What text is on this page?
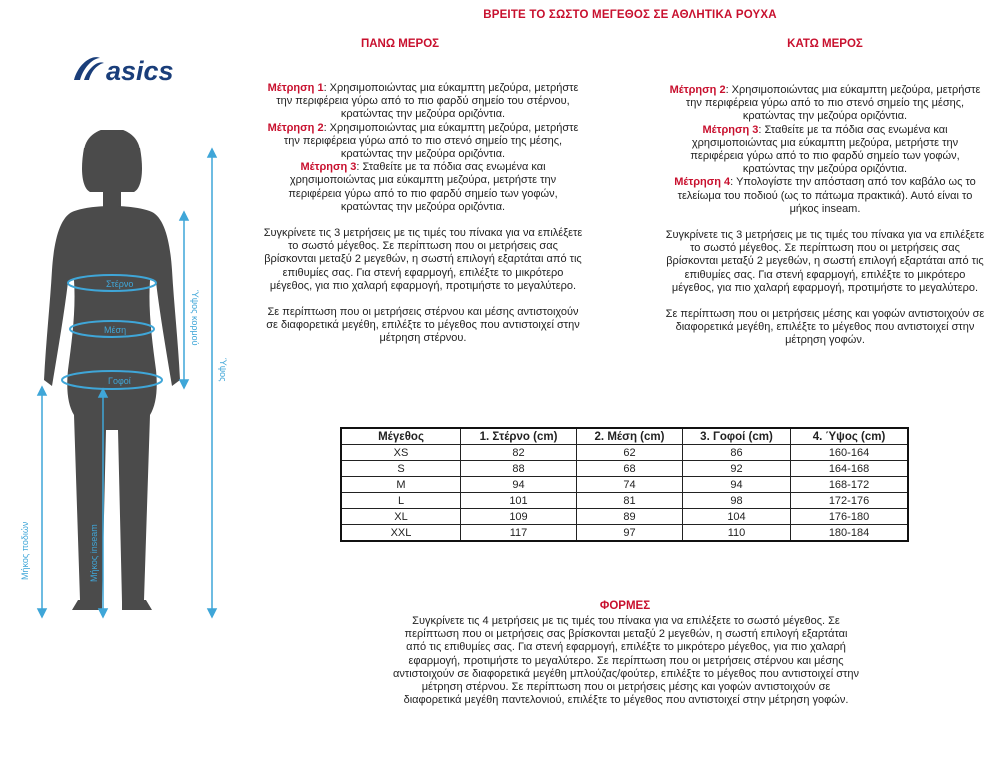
ΒΡΕΙΤΕ ΤΟ ΣΩΣΤΟ ΜΕΓΕΘΟΣ ΣΕ ΑΘΛΗΤΙΚΑ ΡΟΥΧΑ
asics
Στέρνο
Μέση
Γοφοί
Ύψος κορμού
Ύψος
Μήκος ποδιών	Μήκος inseam
ΠΑΝΩ ΜΕΡΟΣ

Μέτρηση 1: Χρησιμοποιώντας μια εύκαμπτη μεζούρα, μετρήστε την περιφέρεια γύρω από το πιο φαρδύ σημείο του στέρνου, κρατώντας την μεζούρα οριζόντια.

Μέτρηση 2: Χρησιμοποιώντας μια εύκαμπτη μεζούρα, μετρήστε την περιφέρεια γύρω από το πιο στενό σημείο της μέσης, κρατώντας την μεζούρα οριζόντια.

Μέτρηση 3: Σταθείτε με τα πόδια σας ενωμένα και χρησιμοποιώντας μια εύκαμπτη μεζούρα, μετρήστε την περιφέρεια γύρω από το πιο φαρδύ σημείο των γοφών, κρατώντας την μεζούρα οριζόντια.

Συγκρίνετε τις 3 μετρήσεις με τις τιμές του πίνακα για να επιλέξετε το σωστό μέγεθος. Σε περίπτωση που οι μετρήσεις σας βρίσκονται μεταξύ 2 μεγεθών, η σωστή επιλογή εξαρτάται από τις επιθυμίες σας. Για στενή εφαρμογή, επιλέξτε το μικρότερο μέγεθος, για πιο χαλαρή εφαρμογή, προτιμήστε το μεγαλύτερο.

Σε περίπτωση που οι μετρήσεις στέρνου και μέσης αντιστοιχούν σε διαφορετικά μεγέθη, επιλέξτε το μέγεθος που αντιστοιχεί στην μέτρηση στέρνου.

ΚΑΤΩ ΜΕΡΟΣ

Μέτρηση 2: Χρησιμοποιώντας μια εύκαμπτη μεζούρα, μετρήστε την περιφέρεια γύρω από το πιο στενό σημείο της μέσης, κρατώντας την μεζούρα οριζόντια.

Μέτρηση 3: Σταθείτε με τα πόδια σας ενωμένα και χρησιμοποιώντας μια εύκαμπτη μεζούρα, μετρήστε την περιφέρεια γύρω από το πιο φαρδύ σημείο των γοφών, κρατώντας την μεζούρα οριζόντια.

Μέτρηση 4: Υπολογίστε την απόσταση από τον καβάλο ως το τελείωμα του ποδιού (ως το πάτωμα πρακτικά). Αυτό είναι το μήκος inseam.

Συγκρίνετε τις 3 μετρήσεις με τις τιμές του πίνακα για να επιλέξετε το σωστό μέγεθος. Σε περίπτωση που οι μετρήσεις σας βρίσκονται μεταξύ 2 μεγεθών, η σωστή επιλογή εξαρτάται από τις επιθυμίες σας. Για στενή εφαρμογή, επιλέξτε το μικρότερο μέγεθος, για πιο χαλαρή εφαρμογή, προτιμήστε το μεγαλύτερο.

Σε περίπτωση που οι μετρήσεις μέσης και γοφών αντιστοιχούν σε διαφορετικά μεγέθη, επιλέξτε το μέγεθος που αντιστοιχεί στην μέτρηση γοφών.

Μέγεθος	1. Στέρνο (cm)	2. Μέση (cm)	3. Γοφοί (cm)	4. Ύψος (cm)
XS	82	62	86	160-164
S	88	68	92	164-168
M	94	74	94	168-172
L	101	81	98	172-176
XL	109	89	104	176-180
XXL	117	97	110	180-184
ΦΟΡΜΕΣ
Συγκρίνετε τις 4 μετρήσεις με τις τιμές του πίνακα για να επιλέξετε το σωστό μέγεθος. Σε περίπτωση που οι μετρήσεις σας βρίσκονται μεταξύ 2 μεγεθών, η σωστή επιλογή εξαρτάται από τις επιθυμίες σας. Για στενή εφαρμογή, επιλέξτε το μικρότερο μέγεθος, για πιο χαλαρή εφαρμογή, προτιμήστε το μεγαλύτερο. Σε περίπτωση που οι μετρήσεις στέρνου και μέσης αντιστοιχούν σε διαφορετικά μεγέθη μπλούζας/φούτερ, επιλέξτε το μέγεθος που αντιστοιχεί στην μέτρηση στέρνου. Σε περίπτωση που οι μετρήσεις μέσης και γοφών αντιστοιχούν σε διαφορετικά μεγέθη παντελονιού, επιλέξτε το μέγεθος που αντιστοιχεί στην μέτρηση γοφών.
